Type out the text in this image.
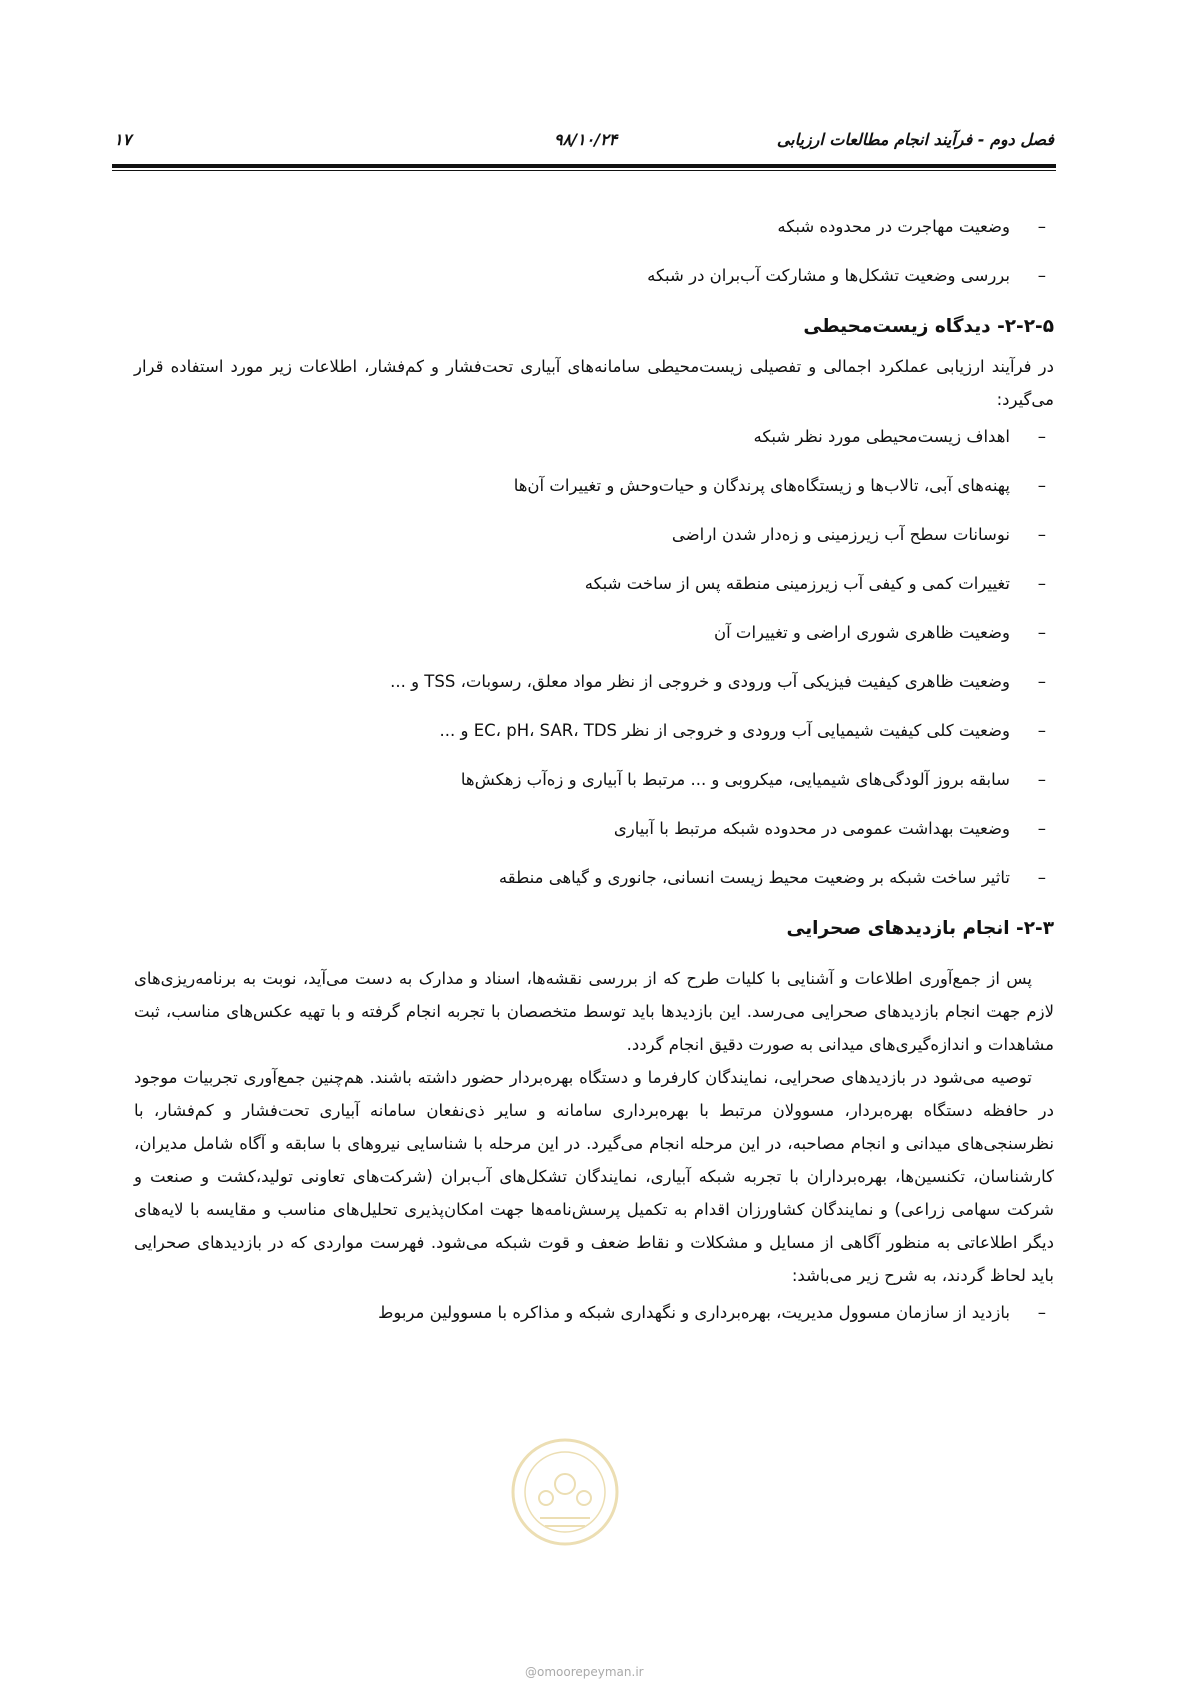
فصل دوم - فرآیند انجام مطالعات ارزیابی
۹۸/۱۰/۲۴
۱۷
–
وضعیت مهاجرت در محدوده شبکه
–
بررسی وضعیت تشکل‌ها و مشارکت آب‌بران در شبکه
۲-۲-۵- دیدگاه زیست‌محیطی

در فرآیند ارزیابی عملکرد اجمالی و تفصیلی زیست‌محیطی سامانه‌های آبیاری تحت‌فشار و کم‌فشار، اطلاعات زیر مورد استفاده قرار می‌گیرد:

–
اهداف زیست‌محیطی مورد نظر شبکه
–
پهنه‌های آبی، تالاب‌ها و زیستگاه‌های پرندگان و حیات‌وحش و تغییرات آن‌ها
–
نوسانات سطح آب زیرزمینی و زه‌دار شدن اراضی
–
تغییرات کمی و کیفی آب زیرزمینی منطقه پس از ساخت شبکه
–
وضعیت ظاهری شوری اراضی و تغییرات آن
–
وضعیت ظاهری کیفیت فیزیکی آب ورودی و خروجی از نظر مواد معلق، رسوبات، TSS و ...
–
وضعیت کلی کیفیت شیمیایی آب ورودی و خروجی از نظر EC، pH، SAR، TDS و ...
–
سابقه بروز آلودگی‌های شیمیایی، میکروبی و ... مرتبط با آبیاری و زه‌آب زهکش‌ها
–
وضعیت بهداشت عمومی در محدوده شبکه مرتبط با آبیاری
–
تاثیر ساخت شبکه بر وضعیت محیط زیست انسانی، جانوری و گیاهی منطقه
۲-۳- انجام بازدیدهای صحرایی

پس از جمع‌آوری اطلاعات و آشنایی با کلیات طرح که از بررسی نقشه‌ها، اسناد و مدارک به دست می‌آید، نوبت به برنامه‌ریزی‌های لازم جهت انجام بازدیدهای صحرایی می‌رسد. این بازدیدها باید توسط متخصصان با تجربه انجام گرفته و با تهیه عکس‌های مناسب، ثبت مشاهدات و اندازه‌گیری‌های میدانی به صورت دقیق انجام گردد.

توصیه می‌شود در بازدیدهای صحرایی، نمایندگان کارفرما و دستگاه بهره‌بردار حضور داشته باشند. هم‌چنین جمع‌آوری تجربیات موجود در حافظه دستگاه بهره‌بردار، مسوولان مرتبط با بهره‌برداری سامانه و سایر ذی‌نفعان سامانه آبیاری تحت‌فشار و کم‌فشار، با نظرسنجی‌های میدانی و انجام مصاحبه، در این مرحله انجام می‌گیرد. در این مرحله با شناسایی نیروهای با سابقه و آگاه شامل مدیران، کارشناسان، تکنسین‌ها، بهره‌برداران با تجربه شبکه آبیاری، نمایندگان تشکل‌های آب‌بران (شرکت‌های تعاونی تولید،کشت و صنعت و شرکت سهامی زراعی) و نمایندگان کشاورزان اقدام به تکمیل پرسش‌نامه‌ها جهت امکان‌پذیری تحلیل‌های مناسب و مقایسه با لایه‌های دیگر اطلاعاتی به منظور آگاهی از مسایل و مشکلات و نقاط ضعف و قوت شبکه می‌شود. فهرست مواردی که در بازدیدهای صحرایی باید لحاظ گردند، به شرح زیر می‌باشد:

–
بازدید از سازمان مسوول مدیریت، بهره‌برداری و نگهداری شبکه و مذاکره با مسوولین مربوط
@omoorepeyman.ir
